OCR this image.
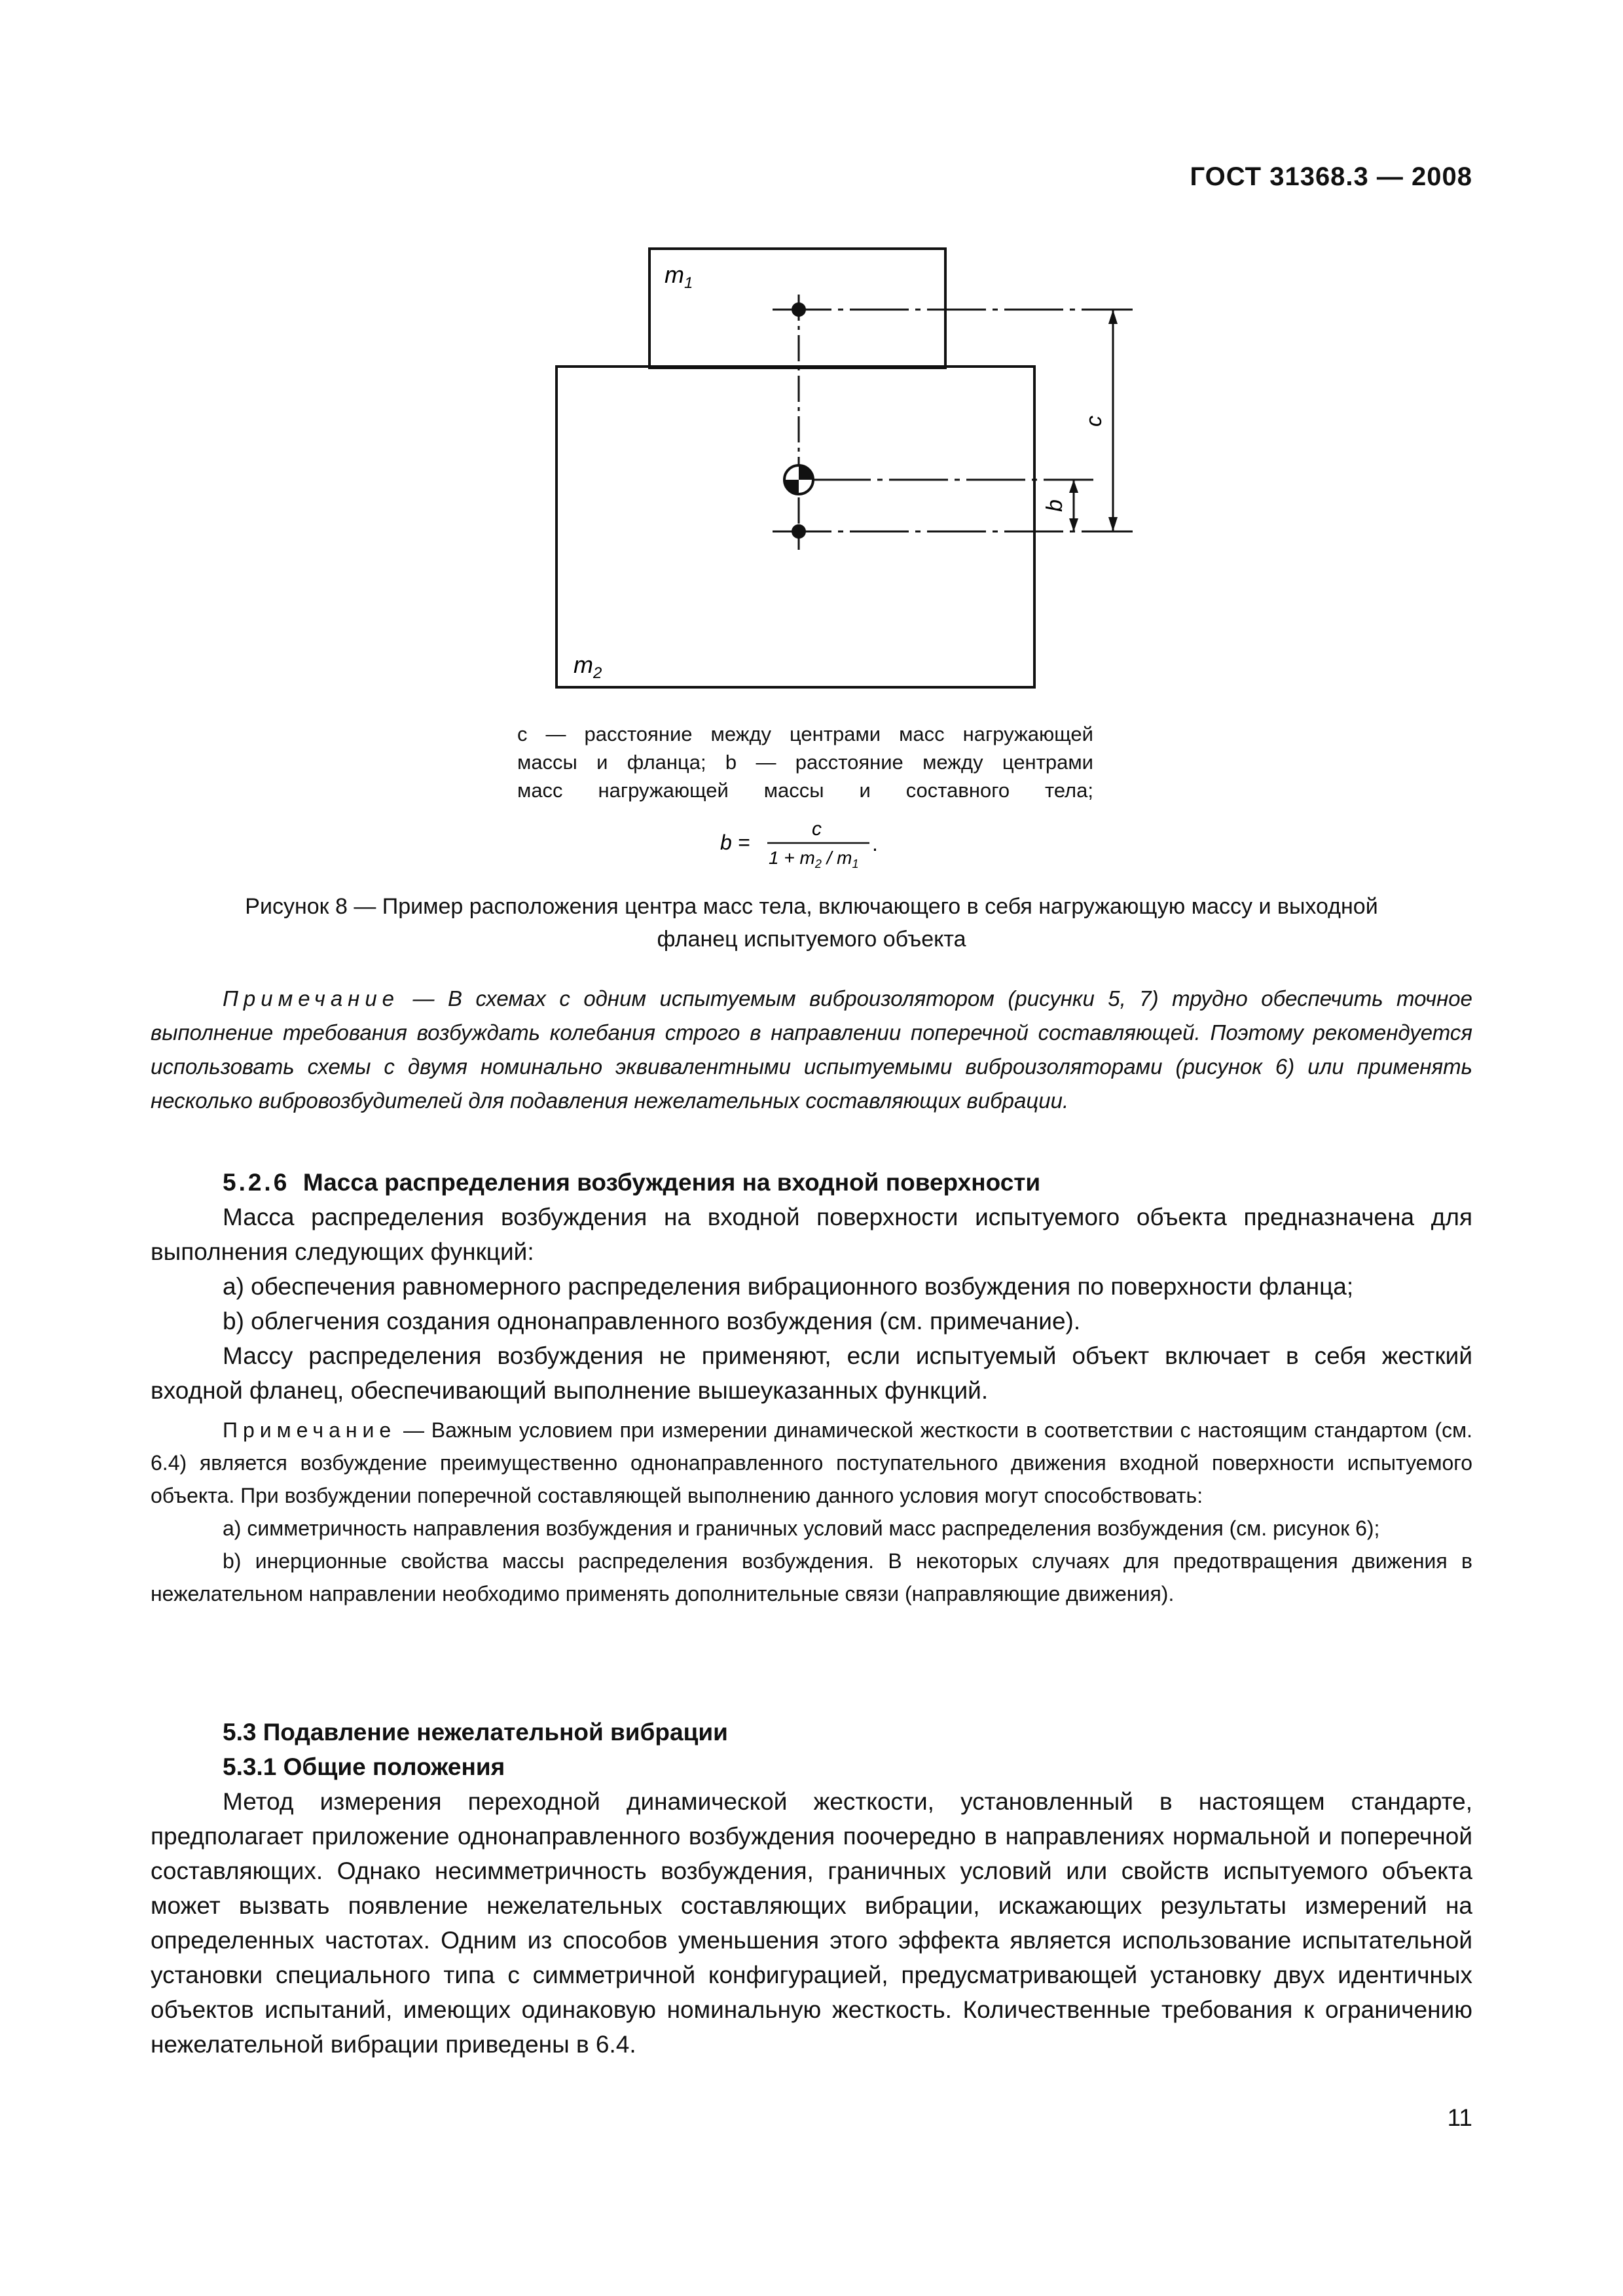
ГОСТ 31368.3 — 2008
$m_1$
$m_2$
c
b

c — расстояние между центрами масс нагружающей

массы и фланца; b — расстояние между центрами

масс нагружающей массы и составного тела;

b =
c
$1 + m_2 / m_1$
.
Рисунок 8 — Пример расположения центра масс тела, включающего в себя нагружающую массу и выходной
фланец испытуемого объекта

Примечание — В схемах с одним испытуемым виброизолятором (рисунки 5, 7) трудно обеспечить точное выполнение требования возбуждать колебания строго в направлении поперечной составляющей. Поэтому рекомендуется использовать схемы с двумя номинально эквивалентными испытуемыми виброизоляторами (рисунок 6) или применять несколько вибровозбудителей для подавления нежелательных составляющих вибрации.

5.2.6 Масса распределения возбуждения на входной поверхности

Масса распределения возбуждения на входной поверхности испытуемого объекта предназначена для выполнения следующих функций:

a) обеспечения равномерного распределения вибрационного возбуждения по поверхности фланца;

b) облегчения создания однонаправленного возбуждения (см. примечание).

Массу распределения возбуждения не применяют, если испытуемый объект включает в себя жесткий входной фланец, обеспечивающий выполнение вышеуказанных функций.

Примечание — Важным условием при измерении динамической жесткости в соответствии с настоящим стандартом (см. 6.4) является возбуждение преимущественно однонаправленного поступательного движения входной поверхности испытуемого объекта. При возбуждении поперечной составляющей выполнению данного условия могут способствовать:

а) симметричность направления возбуждения и граничных условий масс распределения возбуждения (см. рисунок 6);

b) инерционные свойства массы распределения возбуждения. В некоторых случаях для предотвращения движения в нежелательном направлении необходимо применять дополнительные связи (направляющие движения).

5.3 Подавление нежелательной вибрации

5.3.1 Общие положения

Метод измерения переходной динамической жесткости, установленный в настоящем стандарте, предполагает приложение однонаправленного возбуждения поочередно в направлениях нормальной и поперечной составляющих. Однако несимметричность возбуждения, граничных условий или свойств испытуемого объекта может вызвать появление нежелательных составляющих вибрации, искажающих результаты измерений на определенных частотах. Одним из способов уменьшения этого эффекта является использование испытательной установки специального типа с симметричной конфигурацией, предусматривающей установку двух идентичных объектов испытаний, имеющих одинаковую номинальную жесткость. Количественные требования к ограничению нежелательной вибрации приведены в 6.4.

11
